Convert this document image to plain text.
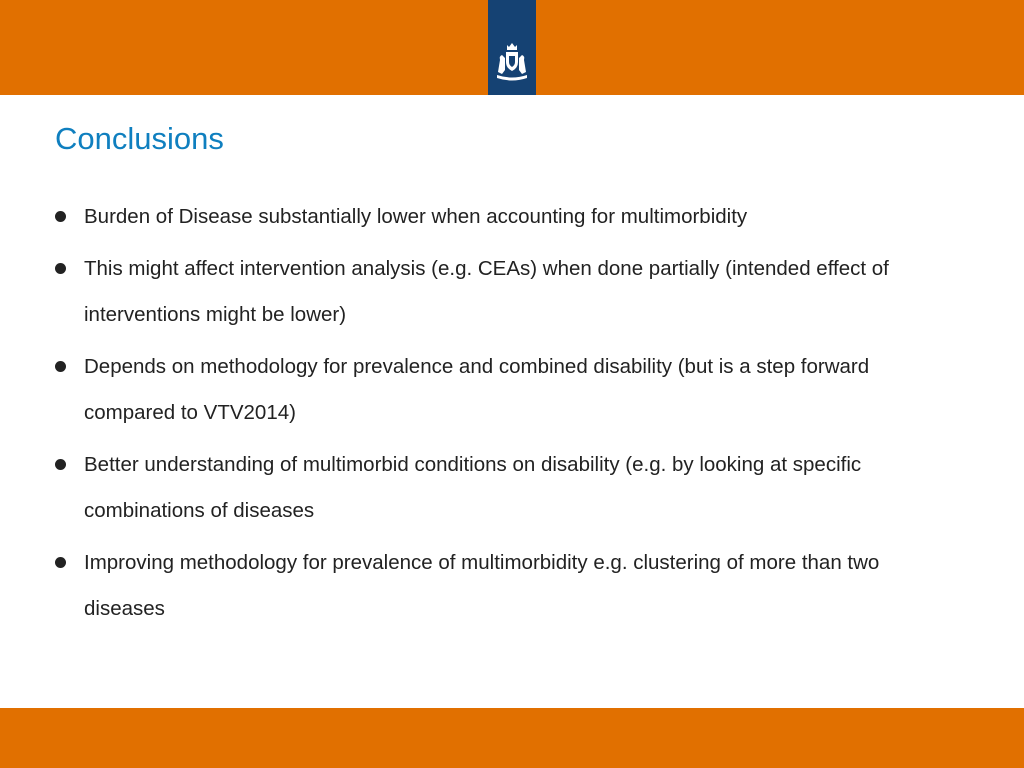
Conclusions
Burden of Disease substantially lower when accounting for multimorbidity
This might affect intervention analysis (e.g. CEAs) when done partially (intended effect of interventions might be lower)
Depends on methodology for prevalence and combined disability (but is a step forward compared to VTV2014)
Better understanding of multimorbid conditions on disability (e.g. by looking at specific combinations of diseases
Improving methodology for prevalence of multimorbidity e.g. clustering of more than two diseases
